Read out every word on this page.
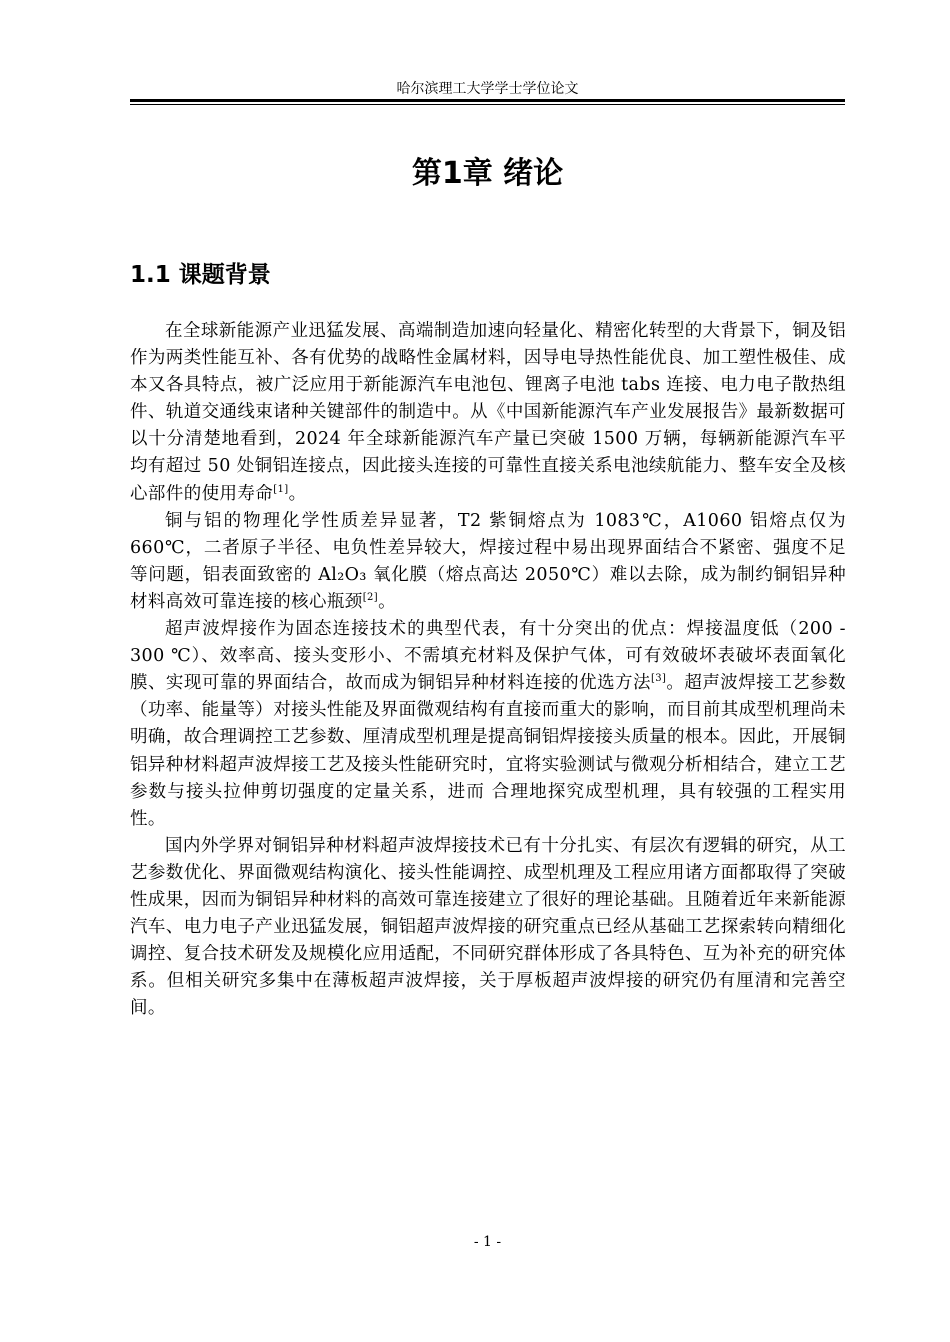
哈尔滨理工大学学士学位论文
第1章 绪论
1.1 课题背景

在全球新能源产业迅猛发展、高端制造加速向轻量化、精密化转型的大背景下，铜及铝作为两类性能互补、各有优势的战略性金属材料，因导电导热性能优良、加工塑性极佳、成本又各具特点，被广泛应用于新能源汽车电池包、锂离子电池 tabs 连接、电力电子散热组件、轨道交通线束诸种关键部件的制造中。从《中国新能源汽车产业发展报告》最新数据可以十分清楚地看到，2024 年全球新能源汽车产量已突破 1500 万辆，每辆新能源汽车平均有超过 50 处铜铝连接点，因此接头连接的可靠性直接关系电池续航能力、整车安全及核心部件的使用寿命[1]。

铜与铝的物理化学性质差异显著，T2 紫铜熔点为 1083℃，A1060 铝熔点仅为 660℃，二者原子半径、电负性差异较大，焊接过程中易出现界面结合不紧密、强度不足等问题，铝表面致密的 Al₂O₃ 氧化膜（熔点高达 2050℃）难以去除，成为制约铜铝异种材料高效可靠连接的核心瓶颈[2]。

超声波焊接作为固态连接技术的典型代表，有十分突出的优点：焊接温度低（200 - 300 ℃）、效率高、接头变形小、不需填充材料及保护气体，可有效破坏表破坏表面氧化膜、实现可靠的界面结合，故而成为铜铝异种材料连接的优选方法[3]。超声波焊接工艺参数（功率、能量等）对接头性能及界面微观结构有直接而重大的影响，而目前其成型机理尚未明确，故合理调控工艺参数、厘清成型机理是提高铜铝焊接接头质量的根本。因此，开展铜铝异种材料超声波焊接工艺及接头性能研究时，宜将实验测试与微观分析相结合，建立工艺参数与接头拉伸剪切强度的定量关系，进而 合理地探究成型机理，具有较强的工程实用性。

国内外学界对铜铝异种材料超声波焊接技术已有十分扎实、有层次有逻辑的研究，从工艺参数优化、界面微观结构演化、接头性能调控、成型机理及工程应用诸方面都取得了突破性成果，因而为铜铝异种材料的高效可靠连接建立了很好的理论基础。且随着近年来新能源汽车、电力电子产业迅猛发展，铜铝超声波焊接的研究重点已经从基础工艺探索转向精细化调控、复合技术研发及规模化应用适配，不同研究群体形成了各具特色、互为补充的研究体系。但相关研究多集中在薄板超声波焊接，关于厚板超声波焊接的研究仍有厘清和完善空间。

- 1 -
